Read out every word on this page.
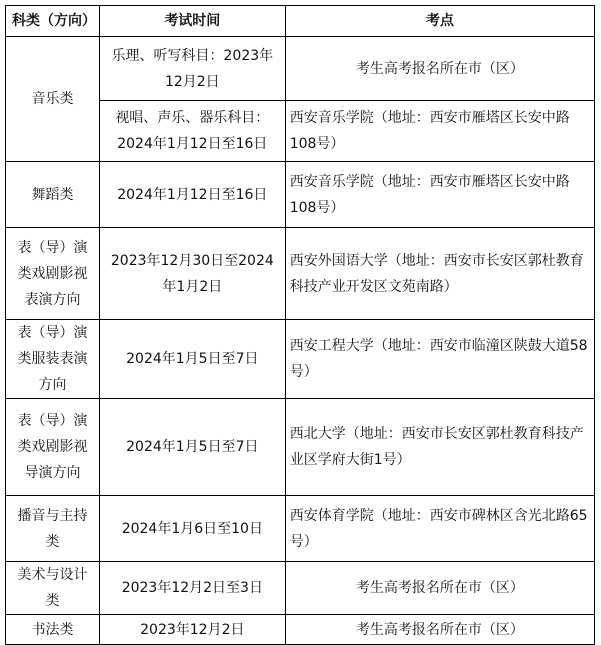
科类（方向）	考试时间	考点
音乐类	乐理、听写科目：2023年12月2日	考生高考报名所在市（区）
	视唱、声乐、器乐科目：2024年1月12日至16日	西安音乐学院（地址：西安市雁塔区长安中路108号）
舞蹈类	2024年1月12日至16日	西安音乐学院（地址：西安市雁塔区长安中路108号）
表（导）演类戏剧影视表演方向	2023年12月30日至2024年1月2日	西安外国语大学（地址：西安市长安区郭杜教育科技产业开发区文苑南路）
表（导）演类服装表演方向	2024年1月5日至7日	西安工程大学（地址：西安市临潼区陕鼓大道58号）
表（导）演类戏剧影视导演方向	2024年1月5日至7日	西北大学（地址：西安市长安区郭杜教育科技产业区学府大街1号）
播音与主持类	2024年1月6日至10日	西安体育学院（地址：西安市碑林区含光北路65号）
美术与设计类	2023年12月2日至3日	考生高考报名所在市（区）
书法类	2023年12月2日	考生高考报名所在市（区）
